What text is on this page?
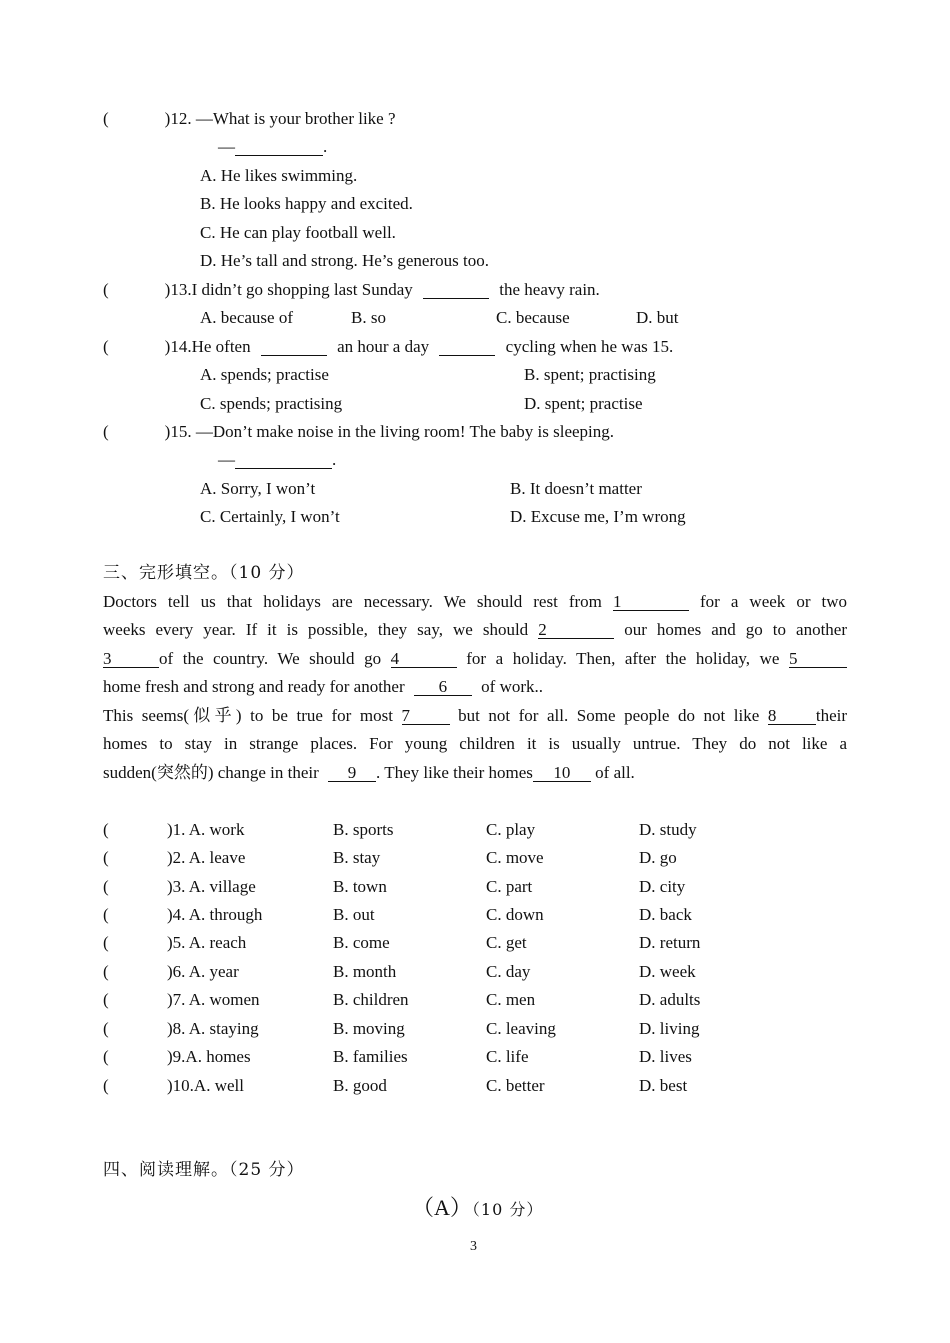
(	)12. —What is your brother like ?
—	.
A. He likes swimming.
B. He looks happy and excited.
C. He can play football well.
D. He’s tall and strong. He’s generous too.
(	)13.I didn’t go shopping last Sunday	the heavy rain.
A. because of	B. so	C. because	D. but
(	)14.He often	an hour a day	cycling when he was 15.
A. spends; practise	B. spent; practising
C. spends; practising	D. spent; practise
(	)15. —Don’t make noise in the living room! The baby is sleeping.
—	.
A. Sorry, I won’t	B. It doesn’t matter
C. Certainly, I won’t	D. Excuse me, I’m wrong
三、完形填空。（10 分）
Doctors tell us that holidays are necessary. We should rest from 1	for a week or two
weeks every year. If it is possible, they say, we should 2	our homes and go to another
3	of the country. We should go 4	for a holiday. Then, after the holiday, we 5
home fresh and strong and ready for another 6 of work..
This seems(似乎) to be true for most 7	but not for all. Some people do not like 8 their
homes to stay in strange places. For young children it is usually untrue. They do not like a
sudden(突然的) change in their 9 . They like their homes 10 of all.
(	)1. A. work	B. sports	C. play	D. study
(	)2. A. leave	B. stay	C. move	D. go
(	)3. A. village	B. town	C. part	D. city
(	)4. A. through	B. out	C. down	D. back
(	)5. A. reach	B. come	C. get	D. return
(	)6. A. year	B. month	C. day	D. week
(	)7. A. women	B. children	C. men	D. adults
(	)8. A. staying	B. moving	C. leaving	D. living
(	)9.A. homes	B. families	C. life	D. lives
(	)10.A. well	B. good	C. better	D. best
四、阅读理解。（25 分）
（A）（10 分）
3
